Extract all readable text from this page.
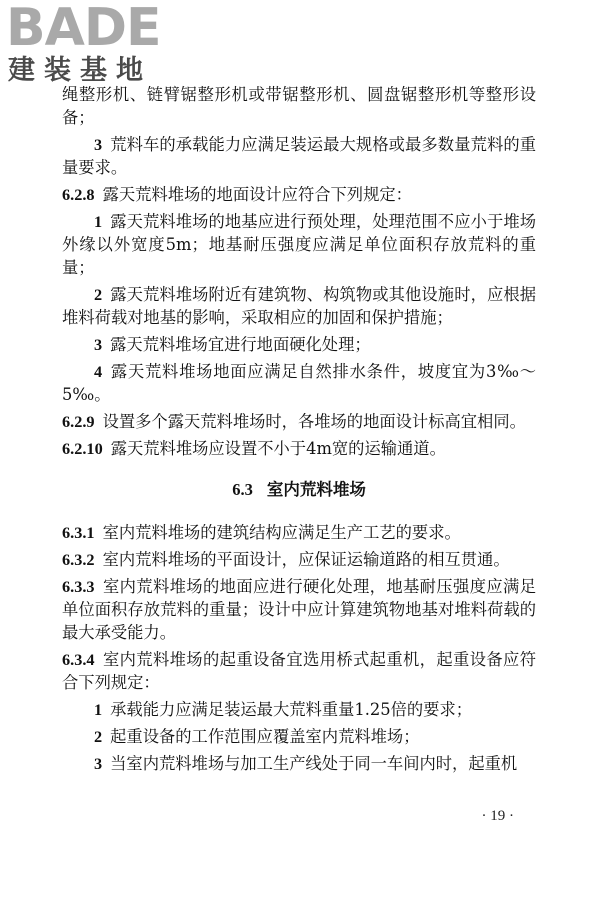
BADE
建装基地

绳整形机、链臂锯整形机或带锯整形机、圆盘锯整形机等整形设备；

3 荒料车的承载能力应满足装运最大规格或最多数量荒料的重量要求。

6.2.8 露天荒料堆场的地面设计应符合下列规定：

1 露天荒料堆场的地基应进行预处理，处理范围不应小于堆场外缘以外宽度5m；地基耐压强度应满足单位面积存放荒料的重量；

2 露天荒料堆场附近有建筑物、构筑物或其他设施时，应根据堆料荷载对地基的影响，采取相应的加固和保护措施；

3 露天荒料堆场宜进行地面硬化处理；

4 露天荒料堆场地面应满足自然排水条件，坡度宜为3‰～5‰。

6.2.9 设置多个露天荒料堆场时，各堆场的地面设计标高宜相同。

6.2.10 露天荒料堆场应设置不小于4m宽的运输通道。

6.3 室内荒料堆场

6.3.1 室内荒料堆场的建筑结构应满足生产工艺的要求。

6.3.2 室内荒料堆场的平面设计，应保证运输道路的相互贯通。

6.3.3 室内荒料堆场的地面应进行硬化处理，地基耐压强度应满足单位面积存放荒料的重量；设计中应计算建筑物地基对堆料荷载的最大承受能力。

6.3.4 室内荒料堆场的起重设备宜选用桥式起重机，起重设备应符合下列规定：

1 承载能力应满足装运最大荒料重量1.25倍的要求；

2 起重设备的工作范围应覆盖室内荒料堆场；

3 当室内荒料堆场与加工生产线处于同一车间内时，起重机

· 19 ·
